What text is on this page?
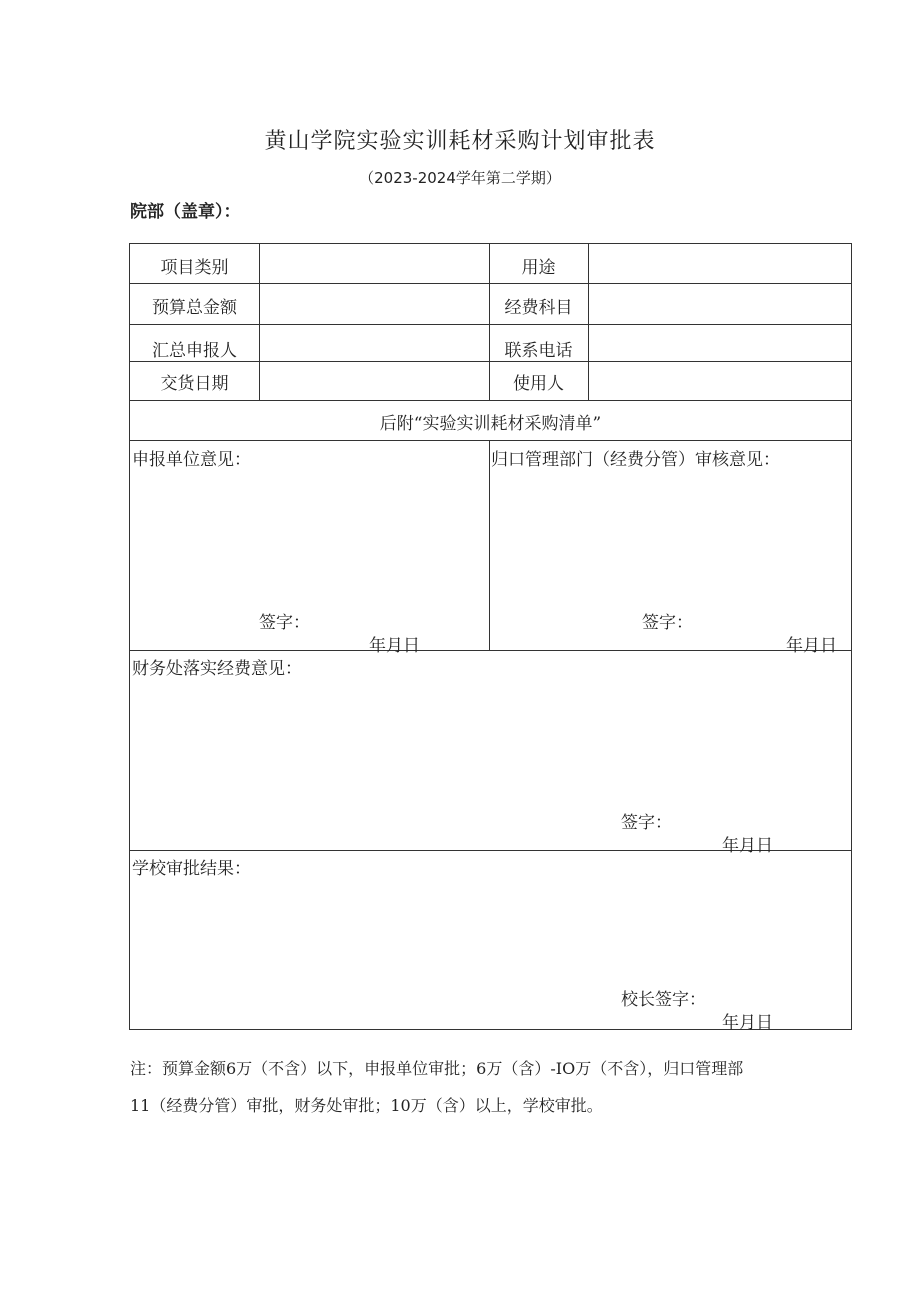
黄山学院实验实训耗材采购计划审批表
（2023-2024学年第二学期）
院部（盖章）：
项目类别	用途
预算总金额	经费科目
汇总申报人	联系电话
交货日期	使用人
后附“实验实训耗材采购清单”
申报单位意见：
签字：
年月日
归口管理部门（经费分管）审核意见：
签字：
年月日
财务处落实经费意见：
签字：
年月日
学校审批结果：
校长签字：
年月日
注：预算金额6万（不含）以下，申报单位审批；6万（含）-IO万（不含），归口管理部
11（经费分管）审批，财务处审批；10万（含）以上，学校审批。
